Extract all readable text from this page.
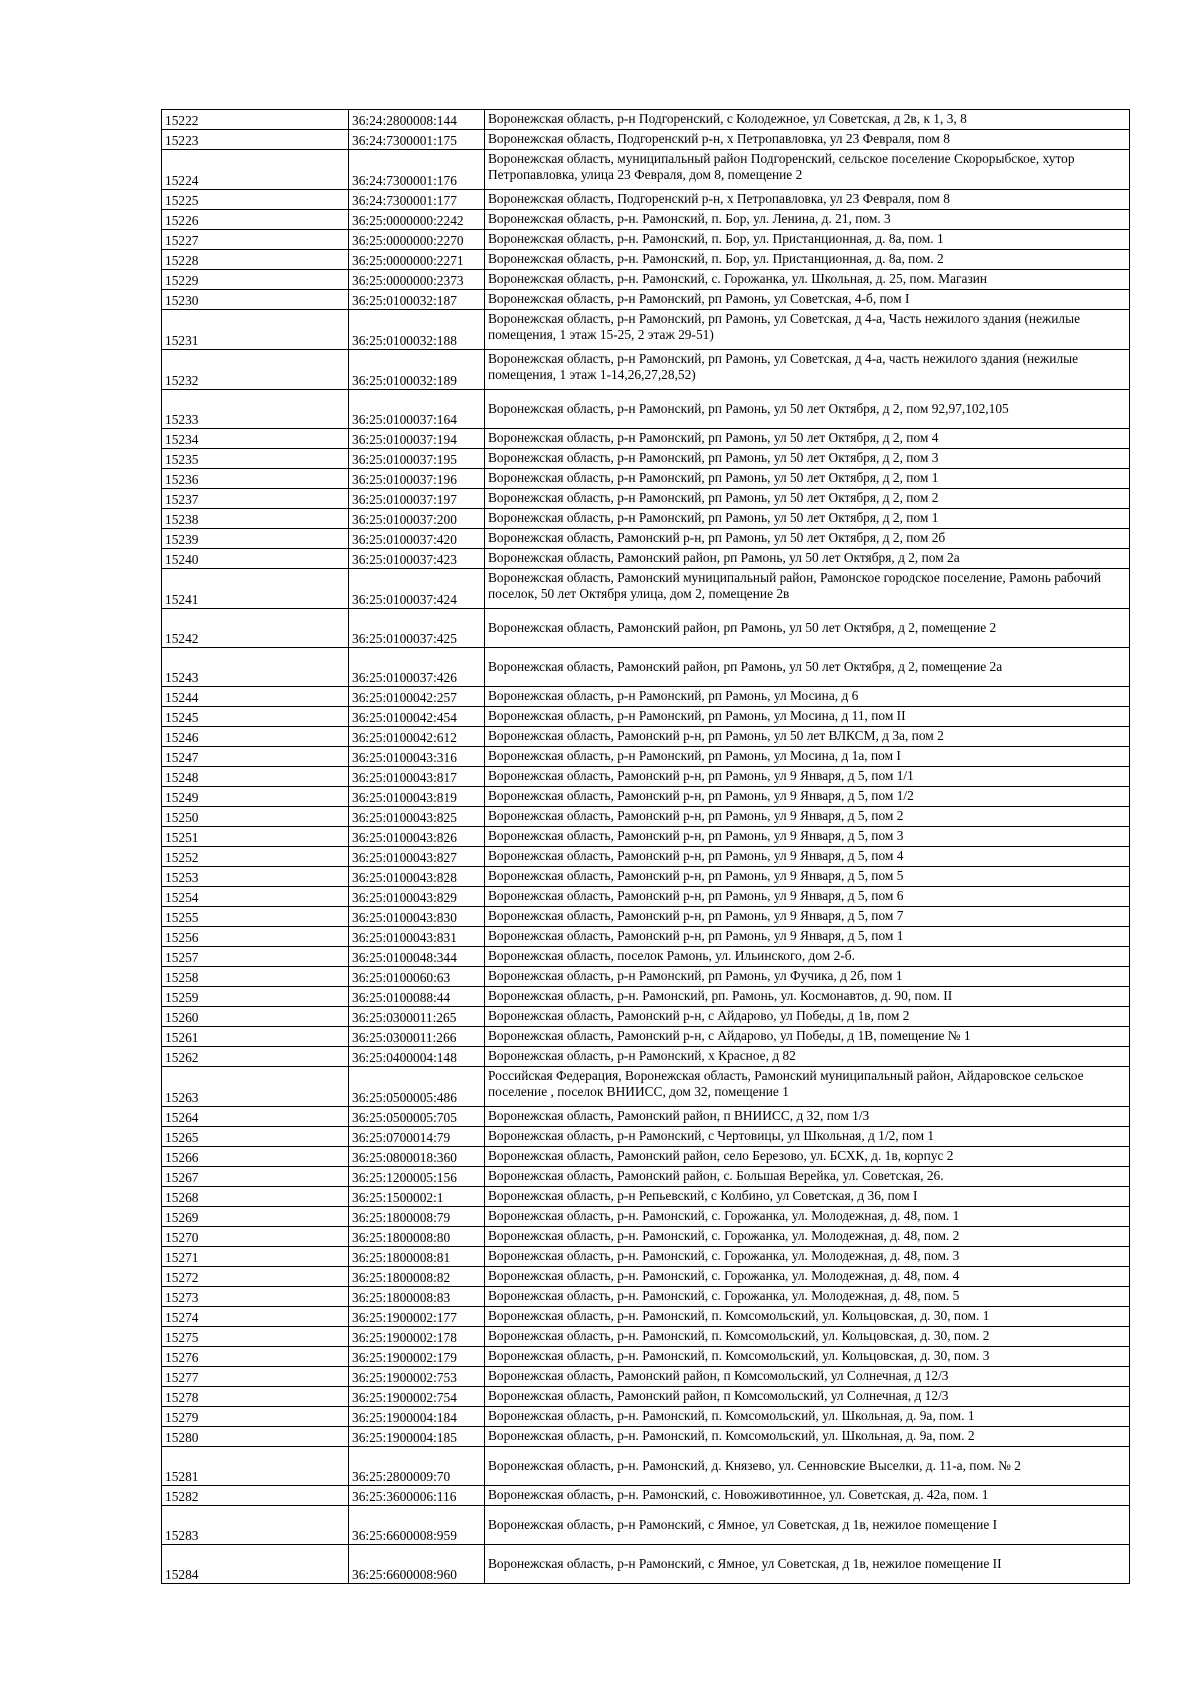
15222	36:24:2800008:144	Воронежская область, р-н Подгоренский, с Колодежное, ул Советская, д 2в, к 1, 3, 8
15223	36:24:7300001:175	Воронежская область, Подгоренский р-н, х Петропавловка, ул 23 Февраля, пом 8
15224	36:24:7300001:176	Воронежская область, муниципальный район Подгоренский, сельское поселение Скорорыбское, хутор Петропавловка, улица 23 Февраля, дом 8, помещение 2
15225	36:24:7300001:177	Воронежская область, Подгоренский р-н, х Петропавловка, ул 23 Февраля, пом 8
15226	36:25:0000000:2242	Воронежская область, р-н. Рамонский, п. Бор, ул. Ленина, д. 21, пом. 3
15227	36:25:0000000:2270	Воронежская область, р-н. Рамонский, п. Бор, ул. Пристанционная, д. 8а, пом. 1
15228	36:25:0000000:2271	Воронежская область, р-н. Рамонский, п. Бор, ул. Пристанционная, д. 8а, пом. 2
15229	36:25:0000000:2373	Воронежская область, р-н. Рамонский, с. Горожанка, ул. Школьная, д. 25, пом. Магазин
15230	36:25:0100032:187	Воронежская область, р-н Рамонский, рп Рамонь, ул Советская, 4-б, пом I
15231	36:25:0100032:188	Воронежская область, р-н Рамонский, рп Рамонь, ул Советская, д 4-а, Часть нежилого здания (нежилые помещения, 1 этаж 15-25, 2 этаж 29-51)
15232	36:25:0100032:189	Воронежская область, р-н Рамонский, рп Рамонь, ул Советская, д 4-а, часть нежилого здания (нежилые помещения, 1 этаж 1-14,26,27,28,52)
15233	36:25:0100037:164	Воронежская область, р-н Рамонский, рп Рамонь, ул 50 лет Октября, д 2, пом 92,97,102,105
15234	36:25:0100037:194	Воронежская область, р-н Рамонский, рп Рамонь, ул 50 лет Октября, д 2, пом 4
15235	36:25:0100037:195	Воронежская область, р-н Рамонский, рп Рамонь, ул 50 лет Октября, д 2, пом 3
15236	36:25:0100037:196	Воронежская область, р-н Рамонский, рп Рамонь, ул 50 лет Октября, д 2, пом 1
15237	36:25:0100037:197	Воронежская область, р-н Рамонский, рп Рамонь, ул 50 лет Октября, д 2, пом 2
15238	36:25:0100037:200	Воронежская область, р-н Рамонский, рп Рамонь, ул 50 лет Октября, д 2, пом 1
15239	36:25:0100037:420	Воронежская область, Рамонский р-н, рп Рамонь, ул 50 лет Октября, д 2, пом 2б
15240	36:25:0100037:423	Воронежская область, Рамонский район, рп Рамонь, ул 50 лет Октября, д 2, пом 2а
15241	36:25:0100037:424	Воронежская область, Рамонский муниципальный район, Рамонское городское поселение, Рамонь рабочий поселок, 50 лет Октября улица, дом 2, помещение 2в
15242	36:25:0100037:425	Воронежская область, Рамонский район, рп Рамонь, ул 50 лет Октября, д 2, помещение 2
15243	36:25:0100037:426	Воронежская область, Рамонский район, рп Рамонь, ул 50 лет Октября, д 2, помещение 2а
15244	36:25:0100042:257	Воронежская область, р-н Рамонский, рп Рамонь, ул Мосина, д 6
15245	36:25:0100042:454	Воронежская область, р-н Рамонский, рп Рамонь, ул Мосина, д 11, пом II
15246	36:25:0100042:612	Воронежская область, Рамонский р-н, рп Рамонь, ул 50 лет ВЛКСМ, д 3а, пом 2
15247	36:25:0100043:316	Воронежская область, р-н Рамонский, рп Рамонь, ул Мосина, д 1а, пом I
15248	36:25:0100043:817	Воронежская область, Рамонский р-н, рп Рамонь, ул 9 Января, д 5, пом 1/1
15249	36:25:0100043:819	Воронежская область, Рамонский р-н, рп Рамонь, ул 9 Января, д 5, пом 1/2
15250	36:25:0100043:825	Воронежская область, Рамонский р-н, рп Рамонь, ул 9 Января, д 5, пом 2
15251	36:25:0100043:826	Воронежская область, Рамонский р-н, рп Рамонь, ул 9 Января, д 5, пом 3
15252	36:25:0100043:827	Воронежская область, Рамонский р-н, рп Рамонь, ул 9 Января, д 5, пом 4
15253	36:25:0100043:828	Воронежская область, Рамонский р-н, рп Рамонь, ул 9 Января, д 5, пом 5
15254	36:25:0100043:829	Воронежская область, Рамонский р-н, рп Рамонь, ул 9 Января, д 5, пом 6
15255	36:25:0100043:830	Воронежская область, Рамонский р-н, рп Рамонь, ул 9 Января, д 5, пом 7
15256	36:25:0100043:831	Воронежская область, Рамонский р-н, рп Рамонь, ул 9 Января, д 5, пом 1
15257	36:25:0100048:344	Воронежская область, поселок Рамонь, ул. Ильинского, дом 2-б.
15258	36:25:0100060:63	Воронежская область, р-н Рамонский, рп Рамонь, ул Фучика, д 2б, пом 1
15259	36:25:0100088:44	Воронежская область, р-н. Рамонский, рп. Рамонь, ул. Космонавтов, д. 90, пом. II
15260	36:25:0300011:265	Воронежская область, Рамонский р-н, с Айдарово, ул Победы, д 1в, пом 2
15261	36:25:0300011:266	Воронежская область, Рамонский р-н, с Айдарово, ул Победы, д 1В, помещение № 1
15262	36:25:0400004:148	Воронежская область, р-н Рамонский, х Красное, д 82
15263	36:25:0500005:486	Российская Федерация, Воронежская область, Рамонский муниципальный район, Айдаровское сельское поселение , поселок ВНИИСС, дом 32, помещение 1
15264	36:25:0500005:705	Воронежская область, Рамонский район, п ВНИИСС, д 32, пом 1/3
15265	36:25:0700014:79	Воронежская область, р-н Рамонский, с Чертовицы, ул Школьная, д 1/2, пом 1
15266	36:25:0800018:360	Воронежская область, Рамонский район, село Березово, ул. БСХК, д. 1в, корпус 2
15267	36:25:1200005:156	Воронежская область, Рамонский район, с. Большая Верейка, ул. Советская, 26.
15268	36:25:1500002:1	Воронежская область, р-н Репьевский, с Колбино, ул Советская, д 36, пом I
15269	36:25:1800008:79	Воронежская область, р-н. Рамонский, с. Горожанка, ул. Молодежная, д. 48, пом. 1
15270	36:25:1800008:80	Воронежская область, р-н. Рамонский, с. Горожанка, ул. Молодежная, д. 48, пом. 2
15271	36:25:1800008:81	Воронежская область, р-н. Рамонский, с. Горожанка, ул. Молодежная, д. 48, пом. 3
15272	36:25:1800008:82	Воронежская область, р-н. Рамонский, с. Горожанка, ул. Молодежная, д. 48, пом. 4
15273	36:25:1800008:83	Воронежская область, р-н. Рамонский, с. Горожанка, ул. Молодежная, д. 48, пом. 5
15274	36:25:1900002:177	Воронежская область, р-н. Рамонский, п. Комсомольский, ул. Кольцовская, д. 30, пом. 1
15275	36:25:1900002:178	Воронежская область, р-н. Рамонский, п. Комсомольский, ул. Кольцовская, д. 30, пом. 2
15276	36:25:1900002:179	Воронежская область, р-н. Рамонский, п. Комсомольский, ул. Кольцовская, д. 30, пом. 3
15277	36:25:1900002:753	Воронежская область, Рамонский район, п Комсомольский, ул Солнечная, д 12/3
15278	36:25:1900002:754	Воронежская область, Рамонский район, п Комсомольский, ул Солнечная, д 12/3
15279	36:25:1900004:184	Воронежская область, р-н. Рамонский, п. Комсомольский, ул. Школьная, д. 9а, пом. 1
15280	36:25:1900004:185	Воронежская область, р-н. Рамонский, п. Комсомольский, ул. Школьная, д. 9а, пом. 2
15281	36:25:2800009:70	Воронежская область, р-н. Рамонский, д. Князево, ул. Сенновские Выселки, д. 11-а, пом. № 2
15282	36:25:3600006:116	Воронежская область, р-н. Рамонский, с. Новоживотинное, ул. Советская, д. 42а, пом. 1
15283	36:25:6600008:959	Воронежская область, р-н Рамонский, с Ямное, ул Советская, д 1в, нежилое помещение I
15284	36:25:6600008:960	Воронежская область, р-н Рамонский, с Ямное, ул Советская, д 1в, нежилое помещение II
